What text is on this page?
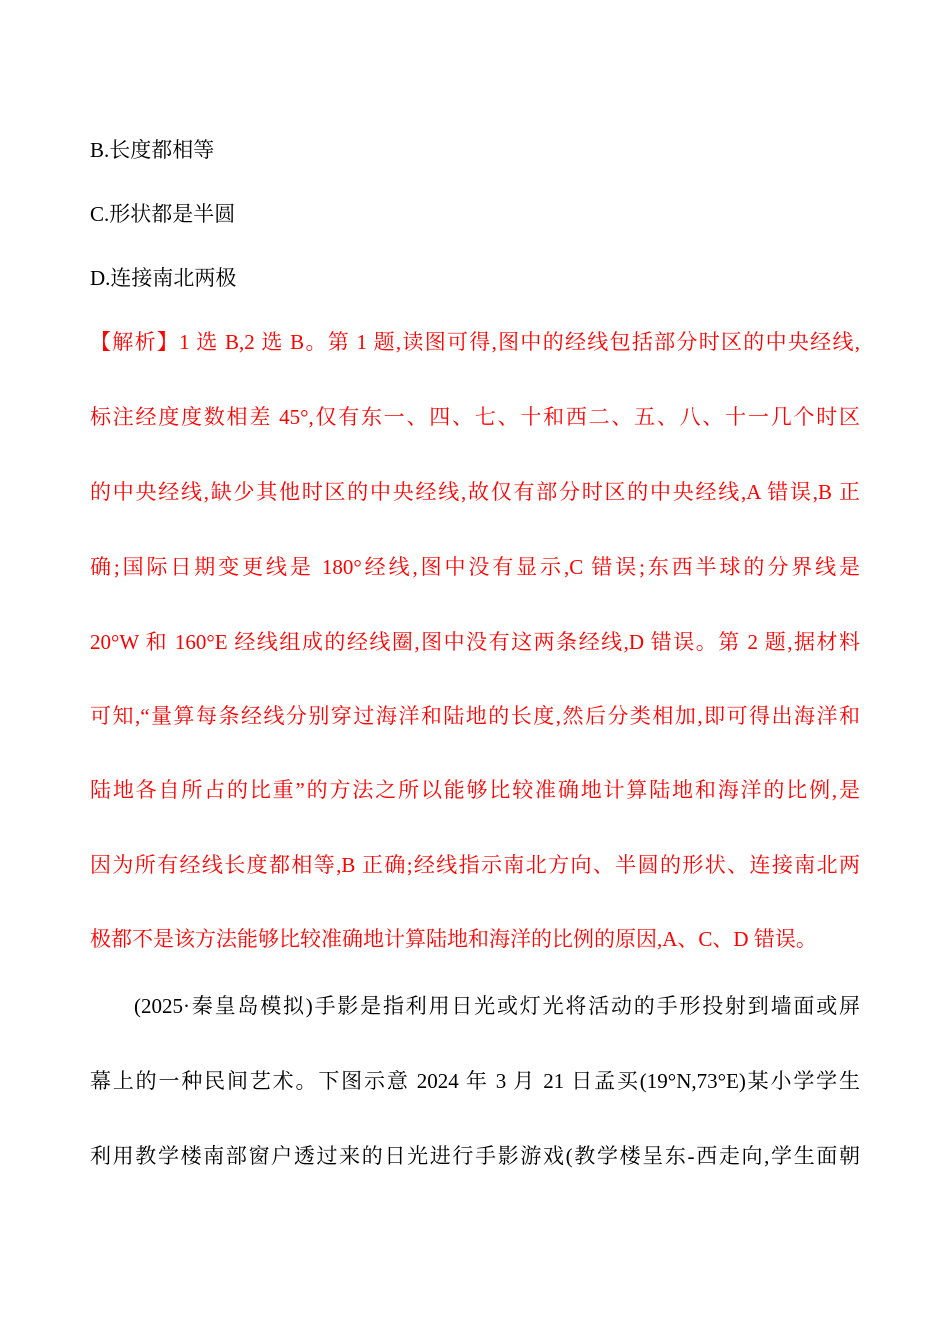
B.长度都相等
C.形状都是半圆
D.连接南北两极
【解析】1 选 B,2 选 B。第 1 题,读图可得,图中的经线包括部分时区的中央经线,
标注经度度数相差 45°,仅有东一、四、七、十和西二、五、八、十一几个时区
的中央经线,缺少其他时区的中央经线,故仅有部分时区的中央经线,A 错误,B 正
确;国际日期变更线是 180°经线,图中没有显示,C 错误;东西半球的分界线是
20°W 和 160°E 经线组成的经线圈,图中没有这两条经线,D 错误。第 2 题,据材料
可知,“量算每条经线分别穿过海洋和陆地的长度,然后分类相加,即可得出海洋和
陆地各自所占的比重”的方法之所以能够比较准确地计算陆地和海洋的比例,是
因为所有经线长度都相等,B 正确;经线指示南北方向、半圆的形状、连接南北两
极都不是该方法能够比较准确地计算陆地和海洋的比例的原因,A、C、D 错误。
(2025·秦皇岛模拟)手影是指利用日光或灯光将活动的手形投射到墙面或屏
幕上的一种民间艺术。下图示意 2024 年 3 月 21 日孟买(19°N,73°E)某小学学生
利用教学楼南部窗户透过来的日光进行手影游戏(教学楼呈东-西走向,学生面朝
